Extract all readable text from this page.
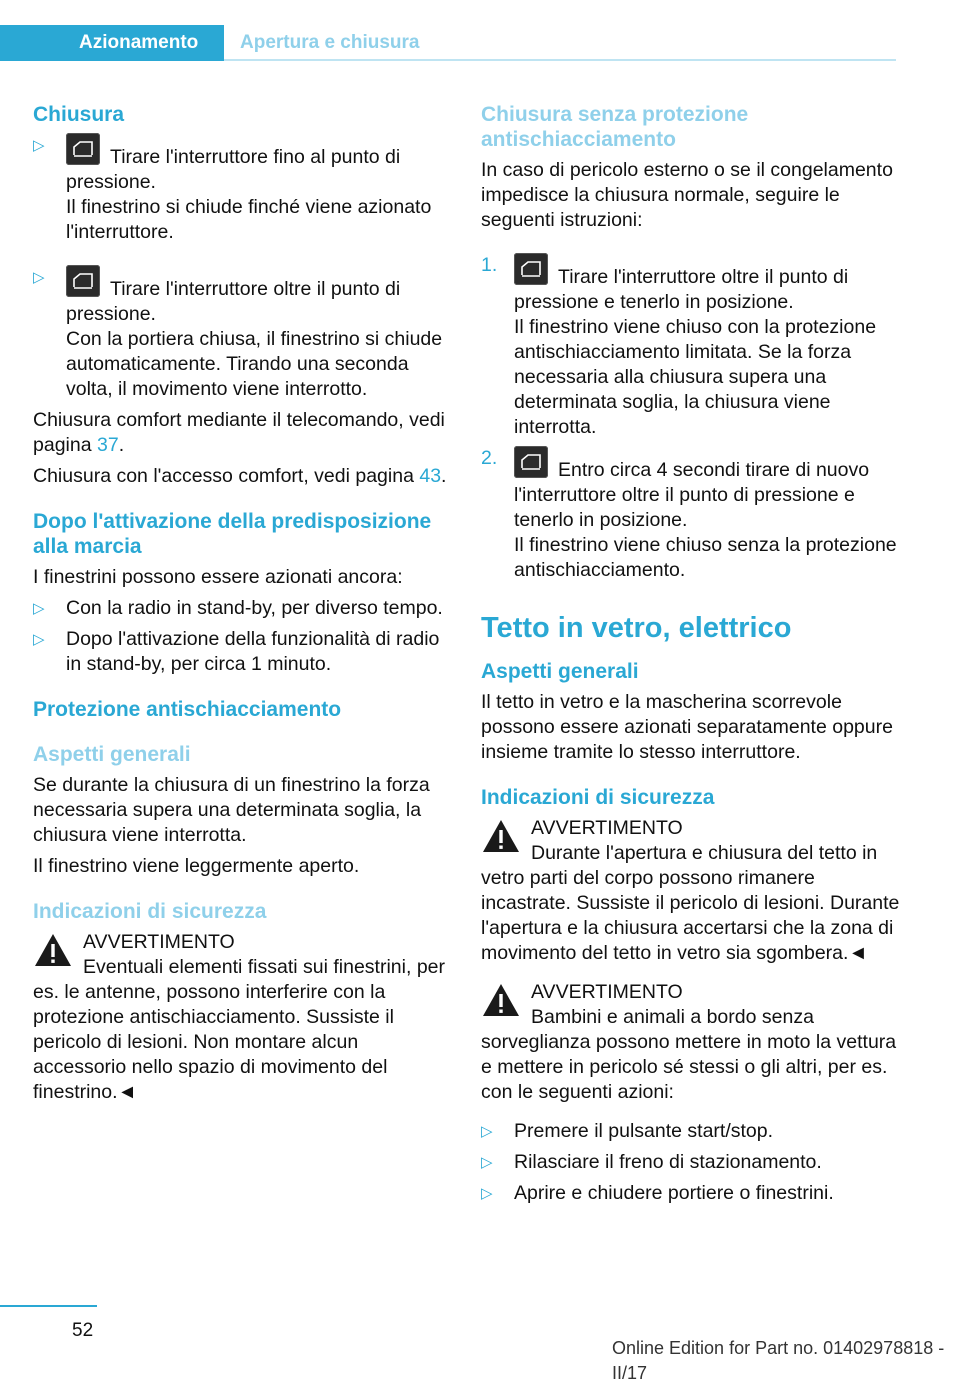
Azionamento	Apertura e chiusura
Chiusura
▷
Tirare l'interruttore fino al punto di pressione.
Il finestrino si chiude finché viene azionato l'interruttore.
▷
Tirare l'interruttore oltre il punto di pressione.
Con la portiera chiusa, il finestrino si chiude automaticamente. Tirando una seconda volta, il movimento viene interrotto.

Chiusura comfort mediante il telecomando, vedi pagina 37.

Chiusura con l'accesso comfort, vedi pagina 43.

Dopo l'attivazione della predisposizione alla marcia

I finestrini possono essere azionati ancora:

▷ Con la radio in stand-by, per diverso tempo.
▷ Dopo l'attivazione della funzionalità di radio in stand-by, per circa 1 minuto.
Protezione antischiacciamento
Aspetti generali

Se durante la chiusura di un finestrino la forza necessaria supera una determinata soglia, la chiusura viene interrotta.

Il finestrino viene leggermente aperto.

Indicazioni di sicurezza
AVVERTIMENTO
Eventuali elementi fissati sui finestrini, per es. le antenne, possono interferire con la protezione antischiacciamento. Sussiste il pericolo di lesioni. Non montare alcun accessorio nello spazio di movimento del finestrino.◄
Chiusura senza protezione antischiacciamento

In caso di pericolo esterno o se il congelamento impedisce la chiusura normale, seguire le seguenti istruzioni:

1.
Tirare l'interruttore oltre il punto di pressione e tenerlo in posizione.
Il finestrino viene chiuso con la protezione antischiacciamento limitata. Se la forza necessaria alla chiusura supera una determinata soglia, la chiusura viene interrotta.
2.
Entro circa 4 secondi tirare di nuovo l'interruttore oltre il punto di pressione e tenerlo in posizione.
Il finestrino viene chiuso senza la protezione antischiacciamento.
Tetto in vetro, elettrico
Aspetti generali

Il tetto in vetro e la mascherina scorrevole possono essere azionati separatamente oppure insieme tramite lo stesso interruttore.

Indicazioni di sicurezza
AVVERTIMENTO
Durante l'apertura e chiusura del tetto in vetro parti del corpo possono rimanere incastrate. Sussiste il pericolo di lesioni. Durante l'apertura e la chiusura accertarsi che la zona di movimento del tetto in vetro sia sgombera.◄
AVVERTIMENTO
Bambini e animali a bordo senza sorveglianza possono mettere in moto la vettura e mettere in pericolo sé stessi o gli altri, per es. con le seguenti azioni:
▷ Premere il pulsante start/stop.
▷ Rilasciare il freno di stazionamento.
▷ Aprire e chiudere portiere o finestrini.
52
Online Edition for Part no. 01402978818 - II/17
